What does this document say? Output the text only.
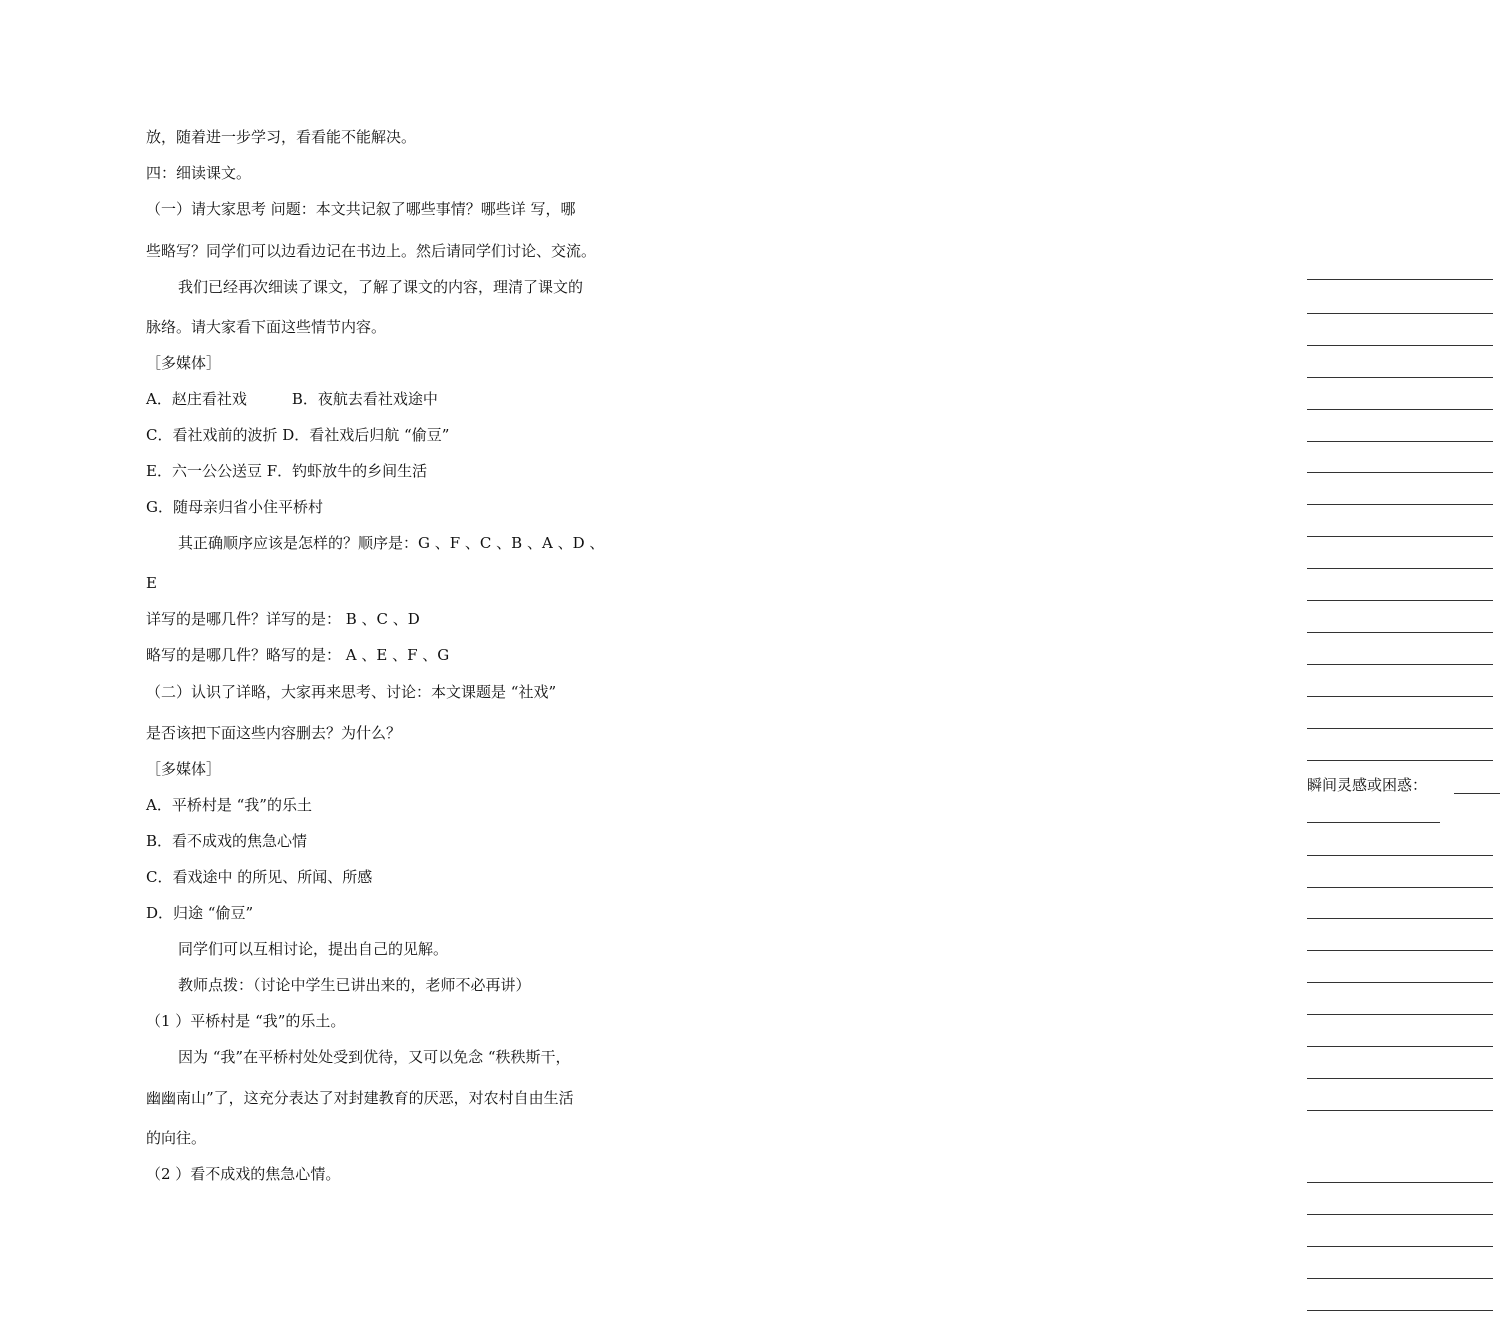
放，随着进一步学习，看看能不能解决。
四：细读课文。
（一）请大家思考 问题：本文共记叙了哪些事情？哪些详 写，哪
些略写？同学们可以边看边记在书边上。然后请同学们讨论、交流。
我们已经再次细读了课文，了解了课文的内容，理清了课文的
脉络。请大家看下面这些情节内容。
［多媒体］
A．赵庄看社戏　　　B．夜航去看社戏途中
C．看社戏前的波折 D．看社戏后归航 “偷豆”
E．六一公公送豆 F．钓虾放牛的乡间生活
G．随母亲归省小住平桥村
其正确顺序应该是怎样的？顺序是：G 、F 、C 、B 、A 、D 、
E
详写的是哪几件？详写的是： B 、C 、D
略写的是哪几件？略写的是： A 、E 、F 、G
（二）认识了详略，大家再来思考、讨论：本文课题是 “社戏”
是否该把下面这些内容删去？为什么？
［多媒体］
A．平桥村是 “我”的乐土
B．看不成戏的焦急心情
C．看戏途中 的所见、所闻、所感
D．归途 “偷豆”
同学们可以互相讨论，提出自己的见解。
教师点拨：（讨论中学生已讲出来的，老师不必再讲）
（1 ）平桥村是 “我”的乐土。
因为 “我”在平桥村处处受到优待，又可以免念 “秩秩斯干，
幽幽南山”了，这充分表达了对封建教育的厌恶，对农村自由生活
的向往。
（2 ）看不成戏的焦急心情。
瞬间灵感或困惑：
